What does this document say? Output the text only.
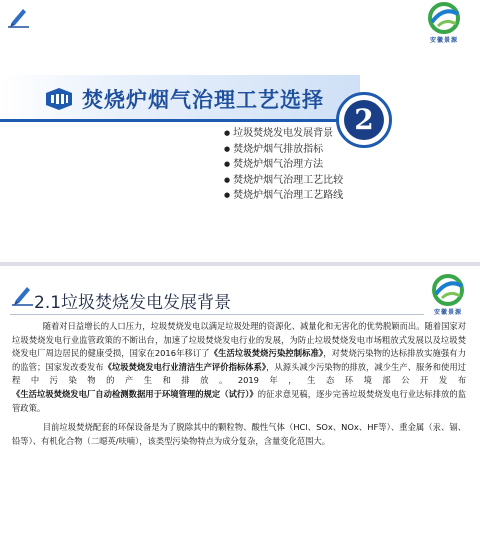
安徽景源
焚烧炉烟气治理工艺选择
2
● 垃圾焚烧发电发展背景
● 焚烧炉烟气排放指标
● 焚烧炉烟气治理方法
● 焚烧炉烟气治理工艺比较
● 焚烧炉烟气治理工艺路线
2.1垃圾焚烧发电发展背景	安徽景源

随着对日益增长的人口压力，垃圾焚烧发电以满足垃圾处理的资源化、减量化和无害化的优势脱颖而出。随着国家对垃圾焚烧发电行业监管政策的不断出台，加速了垃圾焚烧发电行业的发展，为防止垃圾焚烧发电市场粗放式发展以及垃圾焚烧发电厂周边居民的健康受损，国家在2016年移订了《生活垃圾焚烧污染控制标准》，对焚烧污染物的达标排放实施强有力的监管；国家发改委发布《垃圾焚烧发电行业清洁生产评价指标体系》，从源头减少污染物的排放，减少生产、服务和使用过程中污染物的产生和排放。2019年，生态环境部公开发布《生活垃圾焚烧发电厂自动检测数据用于环境管理的规定（试行）》的征求意见稿，逐步完善垃圾焚烧发电行业达标排放的监管政策。

目前垃圾焚烧配套的环保设备是为了脱除其中的颗粒物、酸性气体（HCl、SOx、NOx、HF等）、重金属（汞、镉、铅等）、有机化合物（二噁英/呋喃），该类型污染物特点为成分复杂，含量变化范围大。
